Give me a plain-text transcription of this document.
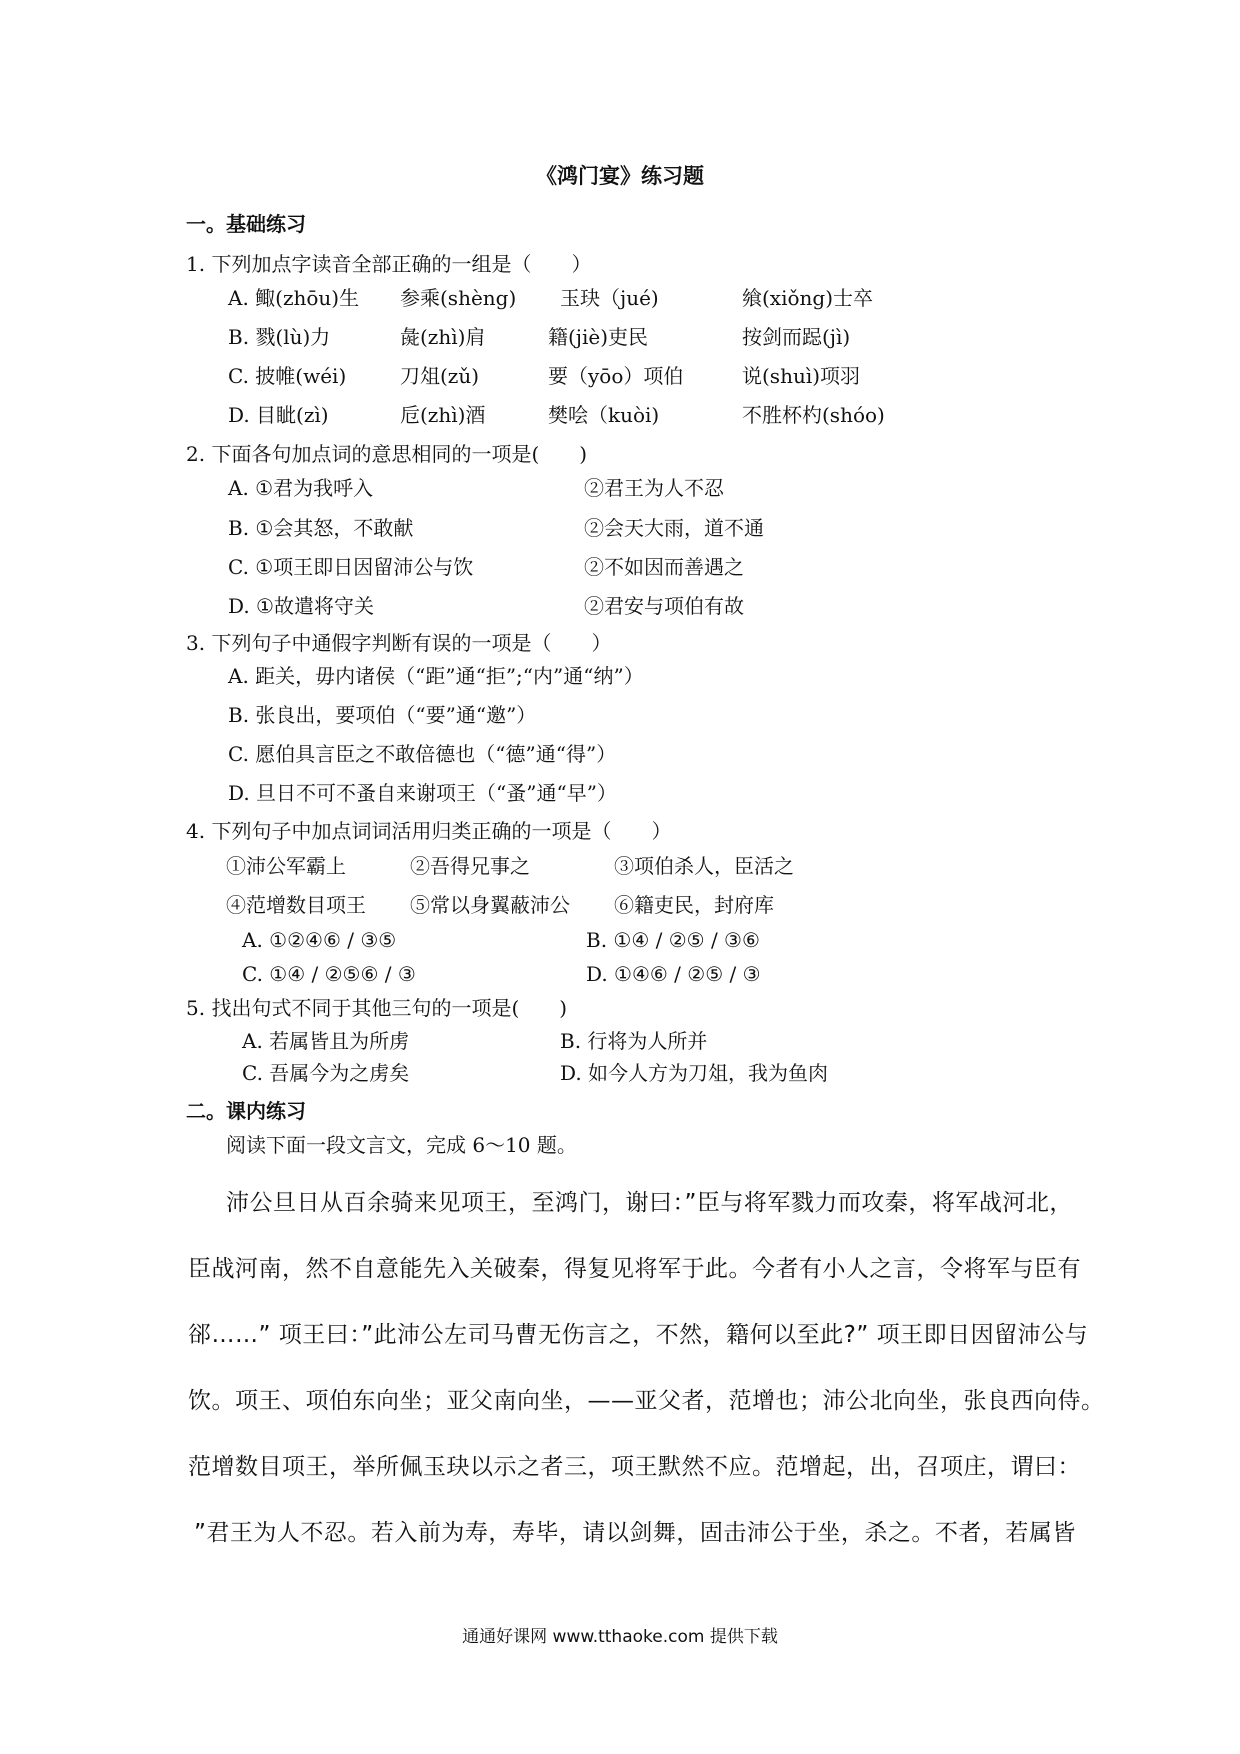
《鸿门宴》练习题
一。基础练习
1. 下列加点字读音全部正确的一组是（　　）
A. 鲰(zhōu)生 参乘(shèng) 玉玦（jué)	飨(xiǒng)士卒
B. 戮(lù)力	彘(zhì)肩	籍(jiè)吏民	按剑而跽(jì)
C. 披帷(wéi)	刀俎(zǔ)	要（yōo）项伯	说(shuì)项羽
D. 目眦(zì)	卮(zhì)酒	樊哙（kuòi)	不胜杯杓(shóo)
2. 下面各句加点词的意思相同的一项是(　　)
A. ①君为我呼入	②君王为人不忍
B. ①会其怒，不敢献	②会天大雨，道不通
C. ①项王即日因留沛公与饮	②不如因而善遇之
D. ①故遣将守关	②君安与项伯有故
3. 下列句子中通假字判断有误的一项是（　　）
A. 距关，毋内诸侯（“距”通“拒”;“内”通“纳”）
B. 张良出，要项伯（“要”通“邀”）
C. 愿伯具言臣之不敢倍德也（“德”通“得”）
D. 旦日不可不蚤自来谢项王（“蚤”通“早”）
4. 下列句子中加点词词活用归类正确的一项是（　　）
①沛公军霸上	②吾得兄事之	③项伯杀人，臣活之
④范增数目项王 ⑤常以身翼蔽沛公 ⑥籍吏民，封府库
A. ①②④⑥ / ③⑤	B. ①④ / ②⑤ / ③⑥
C. ①④ / ②⑤⑥ / ③	D. ①④⑥ / ②⑤ / ③
5. 找出句式不同于其他三句的一项是(　　)
A. 若属皆且为所虏	B. 行将为人所并
C. 吾属今为之虏矣	D. 如今人方为刀俎，我为鱼肉
二。课内练习
阅读下面一段文言文，完成 6～10 题。
沛公旦日从百余骑来见项王，至鸿门，谢曰：”臣与将军戮力而攻秦，将军战河北，
臣战河南，然不自意能先入关破秦，得复见将军于此。今者有小人之言，令将军与臣有
郤……” 项王曰：”此沛公左司马曹无伤言之，不然，籍何以至此?” 项王即日因留沛公与
饮。项王、项伯东向坐；亚父南向坐，——亚父者，范增也；沛公北向坐，张良西向侍。
范增数目项王，举所佩玉玦以示之者三，项王默然不应。范增起，出，召项庄，谓曰：
”君王为人不忍。若入前为寿，寿毕，请以剑舞，固击沛公于坐，杀之。不者，若属皆
通通好课网 www.tthaoke.com 提供下载
